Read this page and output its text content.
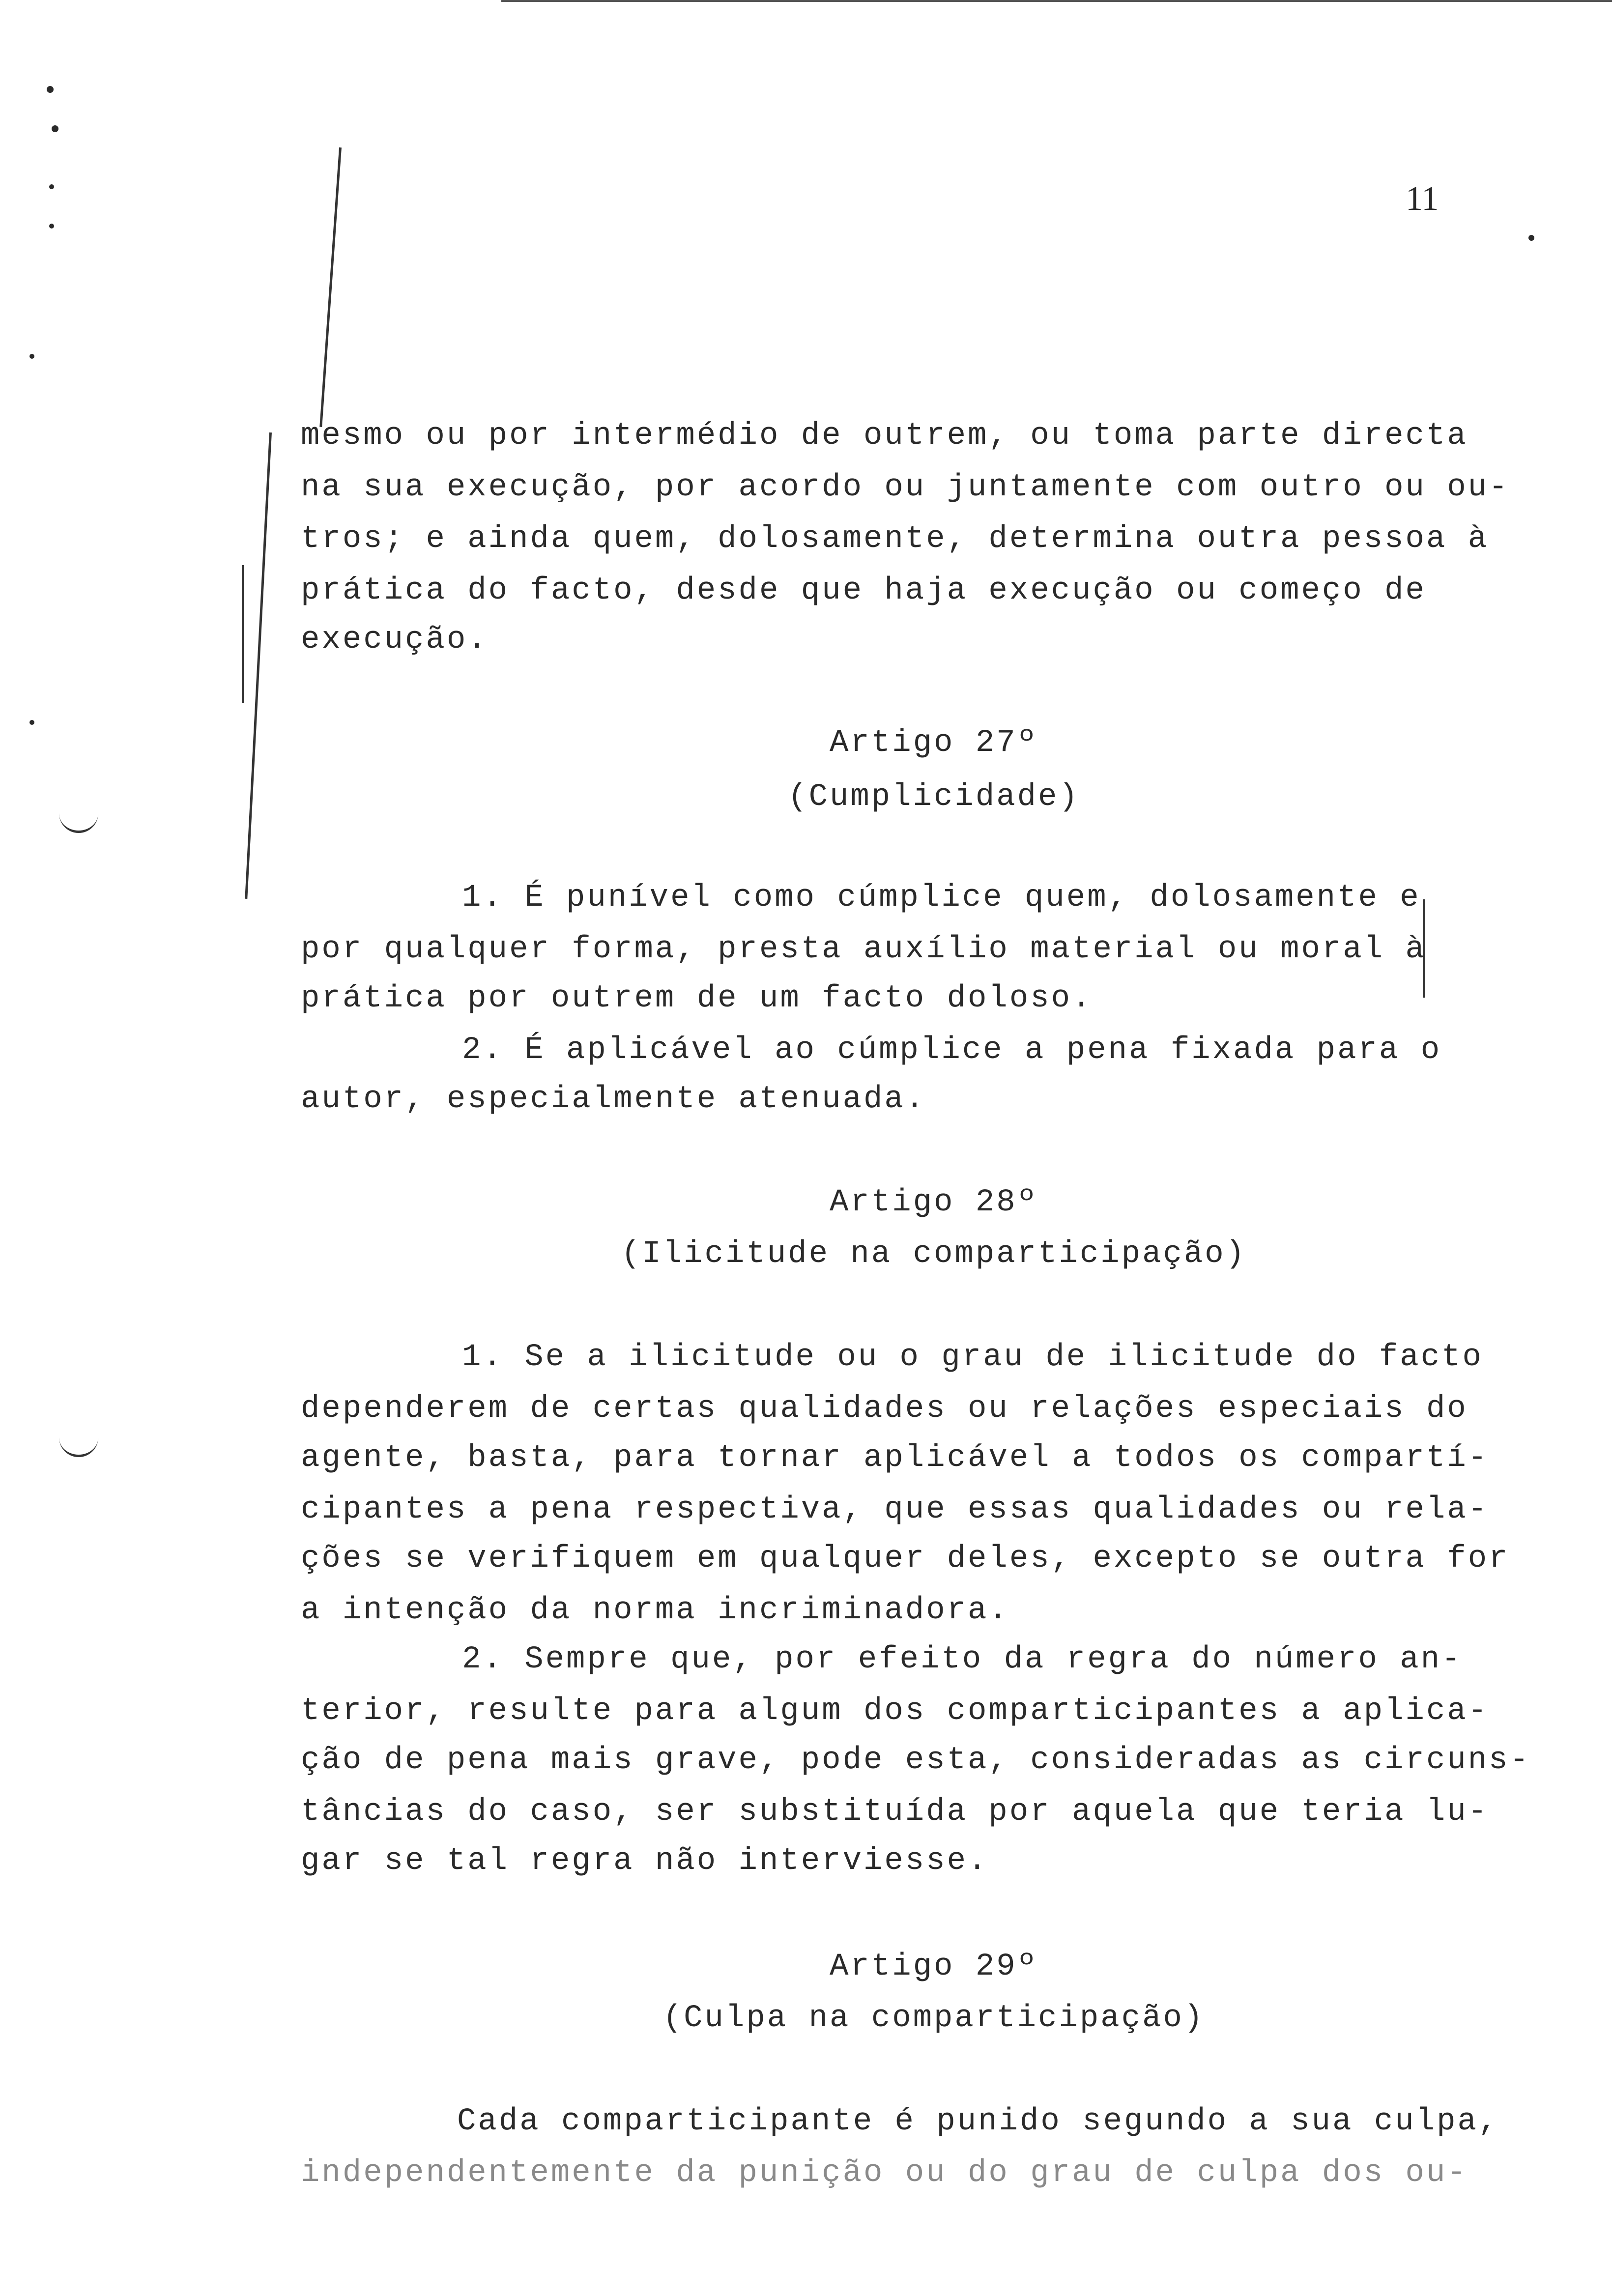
11
mesmo ou por intermédio de outrem, ou toma parte directa
na sua execução, por acordo ou juntamente com outro ou ou-
tros; e ainda quem, dolosamente, determina outra pessoa à
prática do facto, desde que haja execução ou começo de
execução.
Artigo 27º
(Cumplicidade)
1. É punível como cúmplice quem, dolosamente e
por qualquer forma, presta auxílio material ou moral à
prática por outrem de um facto doloso.
2. É aplicável ao cúmplice a pena fixada para o
autor, especialmente atenuada.
Artigo 28º
(Ilicitude na comparticipação)
1. Se a ilicitude ou o grau de ilicitude do facto
dependerem de certas qualidades ou relações especiais do
agente, basta, para tornar aplicável a todos os compartí-
cipantes a pena respectiva, que essas qualidades ou rela-
ções se verifiquem em qualquer deles, excepto se outra for
a intenção da norma incriminadora.
2. Sempre que, por efeito da regra do número an-
terior, resulte para algum dos comparticipantes a aplica-
ção de pena mais grave, pode esta, consideradas as circuns-
tâncias do caso, ser substituída por aquela que teria lu-
gar se tal regra não interviesse.
Artigo 29º
(Culpa na comparticipação)
Cada comparticipante é punido segundo a sua culpa,
independentemente da punição ou do grau de culpa dos ou-
